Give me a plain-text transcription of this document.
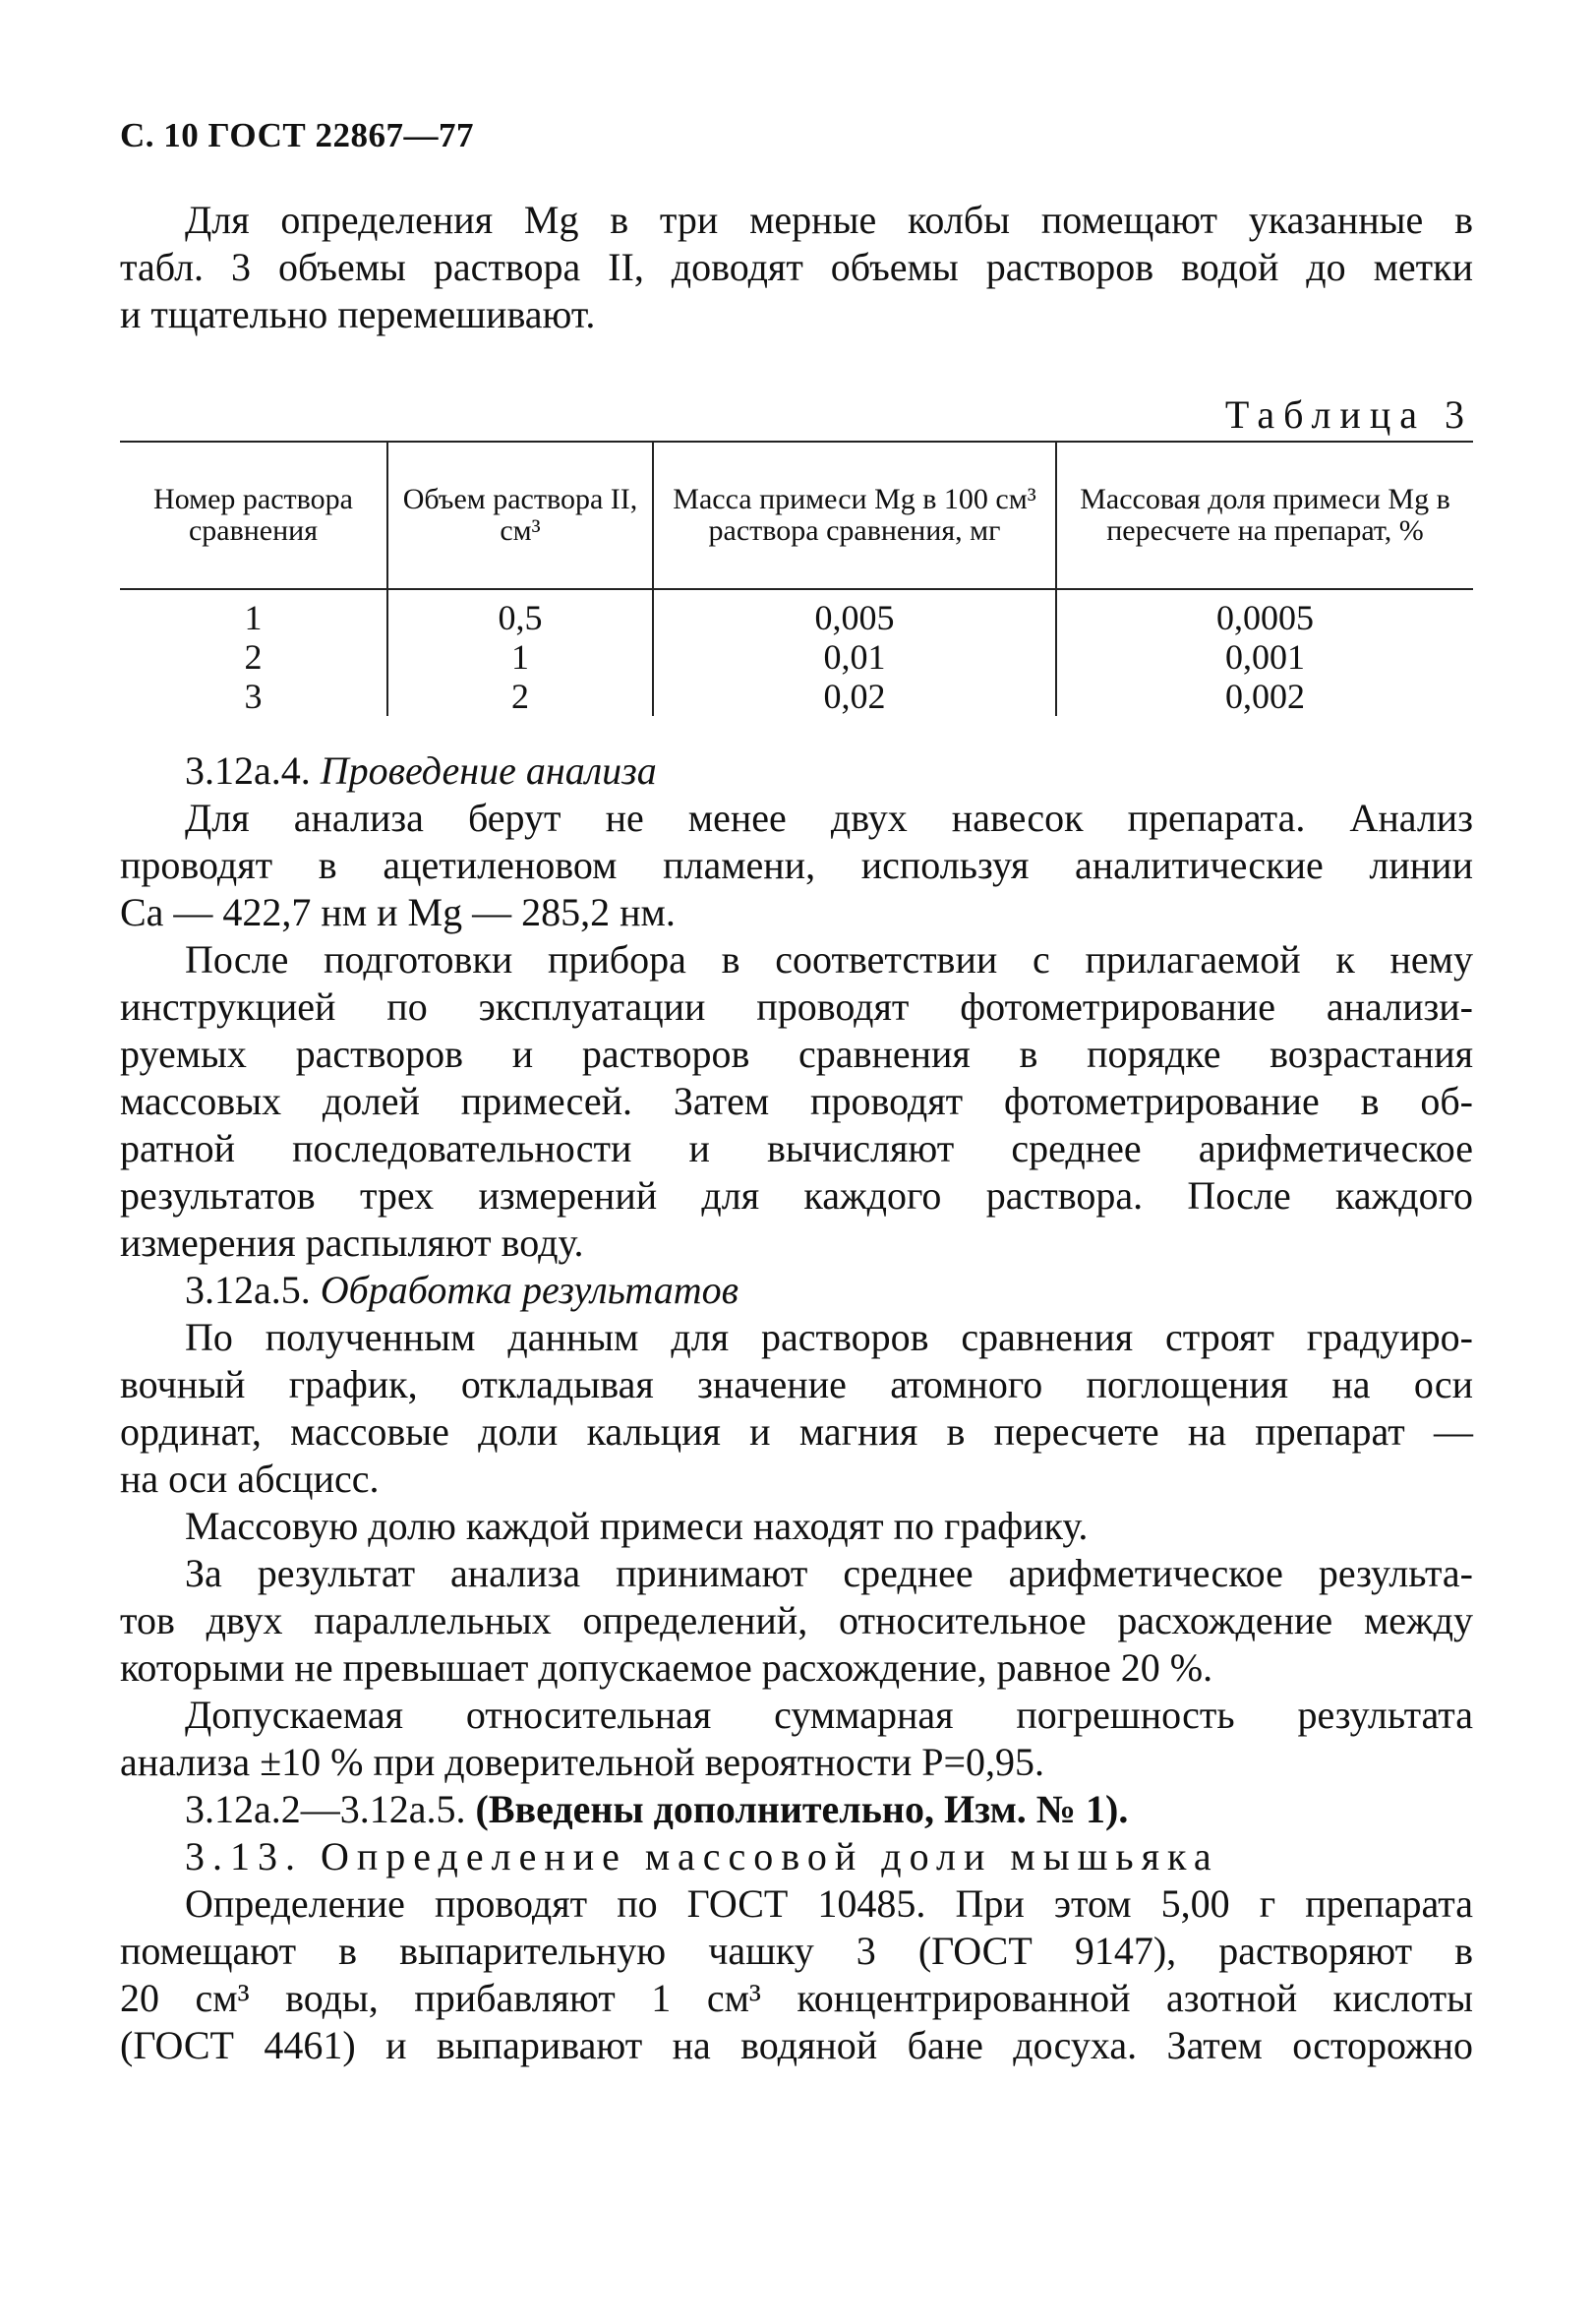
С. 10 ГОСТ 22867—77
Для определения Mg в три мерные колбы помещают указанные в
табл. 3 объемы раствора II, доводят объемы растворов водой до метки
и тщательно перемешивают.
Таблица 3
Номер раствора сравнения	Объем раствора II, см³	Масса примеси Mg в 100 см³ раствора сравнения, мг	Массовая доля примеси Mg в пересчете на препарат, %
1	0,5	0,005	0,0005
2	1	0,01	0,001
3	2	0,02	0,002
3.12а.4. Проведение анализа
Для анализа берут не менее двух навесок препарата. Анализ
проводят в ацетиленовом пламени, используя аналитические линии
Ca — 422,7 нм и Mg — 285,2 нм.
После подготовки прибора в соответствии с прилагаемой к нему
инструкцией по эксплуатации проводят фотометрирование анализи-
руемых растворов и растворов сравнения в порядке возрастания
массовых долей примесей. Затем проводят фотометрирование в об-
ратной последовательности и вычисляют среднее арифметическое
результатов трех измерений для каждого раствора. После каждого
измерения распыляют воду.
3.12а.5. Обработка результатов
По полученным данным для растворов сравнения строят градуиро-
вочный график, откладывая значение атомного поглощения на оси
ординат, массовые доли кальция и магния в пересчете на препарат —
на оси абсцисс.
Массовую долю каждой примеси находят по графику.
За результат анализа принимают среднее арифметическое результа-
тов двух параллельных определений, относительное расхождение между
которыми не превышает допускаемое расхождение, равное 20 %.
Допускаемая относительная суммарная погрешность результата
анализа ±10 % при доверительной вероятности Р=0,95.
3.12а.2—3.12а.5. (Введены дополнительно, Изм. № 1).
3.13. Определение массовой доли мышьяка
Определение проводят по ГОСТ 10485. При этом 5,00 г препарата
помещают в выпарительную чашку 3 (ГОСТ 9147), растворяют в
20 см³ воды, прибавляют 1 см³ концентрированной азотной кислоты
(ГОСТ 4461) и выпаривают на водяной бане досуха. Затем осторожно
